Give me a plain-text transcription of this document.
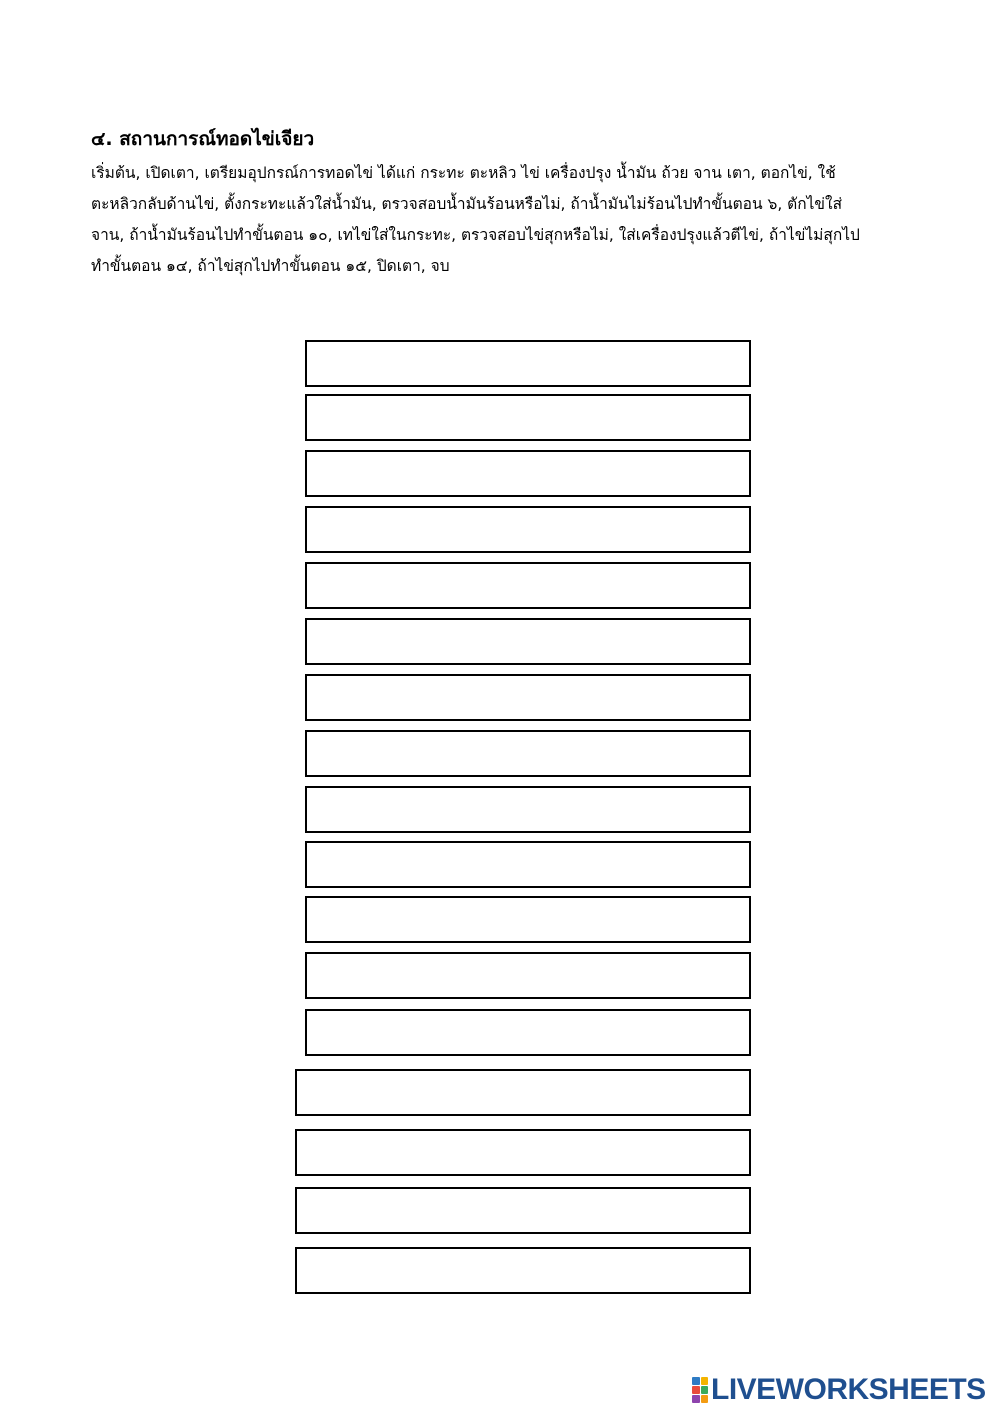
๔. สถานการณ์ทอดไข่เจียว
เริ่มต้น, เปิดเตา, เตรียมอุปกรณ์การทอดไข่ ได้แก่ กระทะ ตะหลิว ไข่ เครื่องปรุง น้ำมัน ถ้วย จาน เตา, ตอกไข่, ใช้
ตะหลิวกลับด้านไข่, ตั้งกระทะแล้วใส่น้ำมัน, ตรวจสอบน้ำมันร้อนหรือไม่, ถ้าน้ำมันไม่ร้อนไปทำขั้นตอน ๖, ตักไข่ใส่
จาน, ถ้าน้ำมันร้อนไปทำขั้นตอน ๑๐, เทไข่ใส่ในกระทะ, ตรวจสอบไข่สุกหรือไม่, ใส่เครื่องปรุงแล้วตีไข่, ถ้าไข่ไม่สุกไป
ทำขั้นตอน ๑๔, ถ้าไข่สุกไปทำขั้นตอน ๑๕, ปิดเตา, จบ
LIVEWORKSHEETS
